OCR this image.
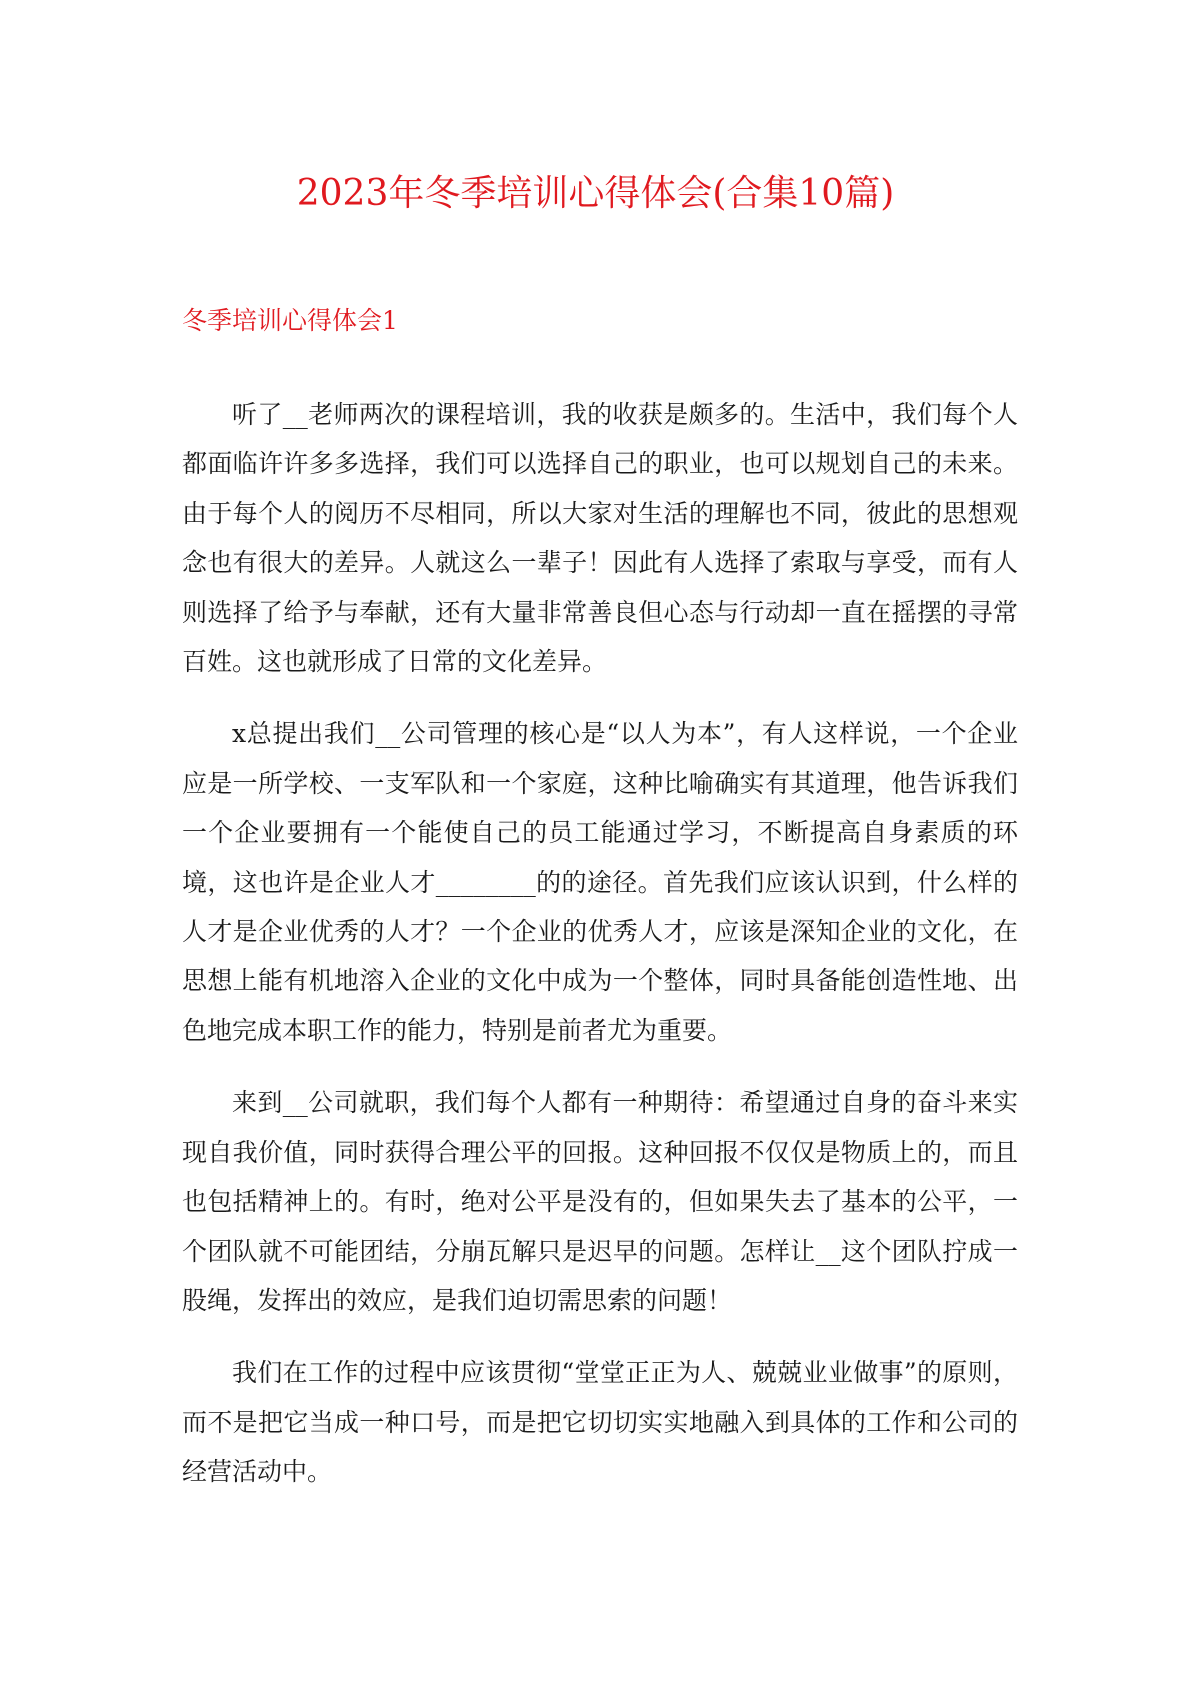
2023年冬季培训心得体会(合集10篇)
冬季培训心得体会1

听了__老师两次的课程培训，我的收获是颇多的。生活中，我们每个人都面临许许多多选择，我们可以选择自己的职业，也可以规划自己的未来。由于每个人的阅历不尽相同，所以大家对生活的理解也不同，彼此的思想观念也有很大的差异。人就这么一辈子！因此有人选择了索取与享受，而有人则选择了给予与奉献，还有大量非常善良但心态与行动却一直在摇摆的寻常百姓。这也就形成了日常的文化差异。

x总提出我们__公司管理的核心是“以人为本”，有人这样说，一个企业应是一所学校、一支军队和一个家庭，这种比喻确实有其道理，他告诉我们一个企业要拥有一个能使自己的员工能通过学习，不断提高自身素质的环境，这也许是企业人才________的的途径。首先我们应该认识到，什么样的人才是企业优秀的人才？一个企业的优秀人才，应该是深知企业的文化，在思想上能有机地溶入企业的文化中成为一个整体，同时具备能创造性地、出色地完成本职工作的能力，特别是前者尤为重要。

来到__公司就职，我们每个人都有一种期待：希望通过自身的奋斗来实现自我价值，同时获得合理公平的回报。这种回报不仅仅是物质上的，而且也包括精神上的。有时，绝对公平是没有的，但如果失去了基本的公平，一个团队就不可能团结，分崩瓦解只是迟早的问题。怎样让__这个团队拧成一股绳，发挥出的效应，是我们迫切需思索的问题！

我们在工作的过程中应该贯彻“堂堂正正为人、兢兢业业做事”的原则，而不是把它当成一种口号，而是把它切切实实地融入到具体的工作和公司的经营活动中。
